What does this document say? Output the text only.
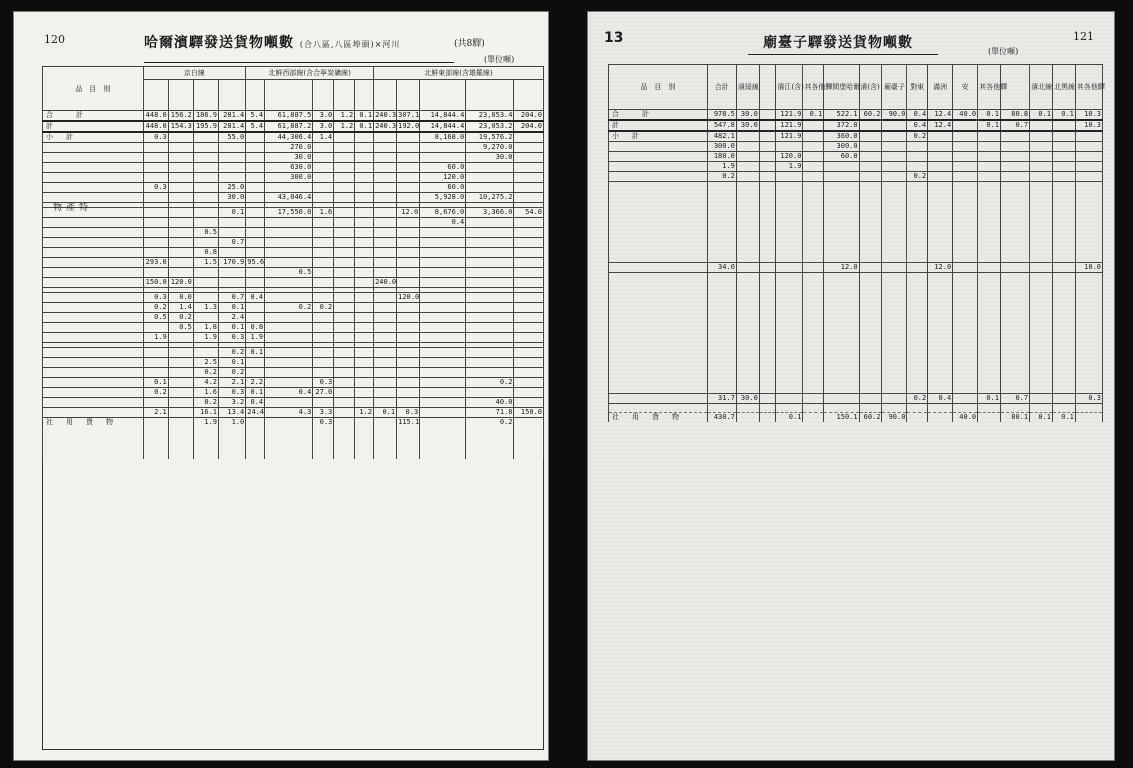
120	哈爾濱驛發送貨物噸數 (合八區,八區埠頭)×河川	(共8驛)
(單位噸)
品　目　別	京白線				北鮮西部線(含合寧炭礦線)					北鮮東部線(含雄羅線)				

合　　計	448.0	156.2	186.9	281.4	5.4	61,887.5	3.0	1.2	0.1	240.3	307.1	14,844.4	23,053.4	204.0
計	448.0	154.3	195.9	281.4	5.4	61,887.2	3.0	1.2	0.1	240.3	192.0	14,844.4	23,053.2	204.0
小　計	0.3			55.0		44,306.4	1.4					8,168.0	19,576.2	
						270.0							9,270.0	
						30.0							30.0	
						630.0						60.0		
						300.0						120.0		
	0.3			25.0								60.0		
				30.0		43,046.4						5,928.0	10,275.2	

				0.1		17,550.0	1.6				12.0	8,676.0	3,366.0	54.0
												0.4		
			0.5											
				0.7										
			0.8											
	293.0		1.5	170.9	95.6									
						0.5								
	150.0	120.0								240.0				

	0.3	0.0		0.7	0.4						120.0			
	0.2	1.4	1.3	0.1		0.2	0.2							
	0.5	0.2		2.4										
		0.5	1.8	0.1	0.8									
	1.9		1.9	0.3	1.9									

				0.2	0.1									
			2.5	0.1										
			0.2	0.2										
	0.1		4.2	2.1	2.2		0.3						0.2	
	0.2		1.6	0.3	0.1	0.4	27.0							
			0.2	3.2	0.4								40.0	
	2.1		16.1	13.4	24.4	4.3	3.3		1.2	0.1	0.3		71.8	150.0
社　用　貨　物			1.9	1.0			0.3				115.1		0.2	

特
產
物
13	廟臺子驛發送貨物噸數	121
(單位噸)
品　目　別	合計	濱綏線		濱江(含)	其各他驛	一間堡哈爾濱(含)		廟臺子	對東	滿洲	安	其各他驛		濱北線	北黑線	其各他驛
合　　計	978.5	30.0		121.9	0.1	522.1	60.2	90.0	0.4	12.4	40.0	0.1	80.8	0.1	0.1	10.3
計	547.8	30.0		121.9		372.0			0.4	12.4		0.1	0.7			10.3
小　計	482.1			121.9		360.0			0.2							
	300.0					300.0										
	180.0			120.0		60.0										
	1.9			1.9												
	0.2								0.2							

	34.0					12.0				12.0						10.0

	31.7	30.0							0.2	0.4		0.1	0.7			0.3

社　用　貨　物	430.7			0.1		150.1	60.2	90.0			40.0		80.1	0.1	0.1	
